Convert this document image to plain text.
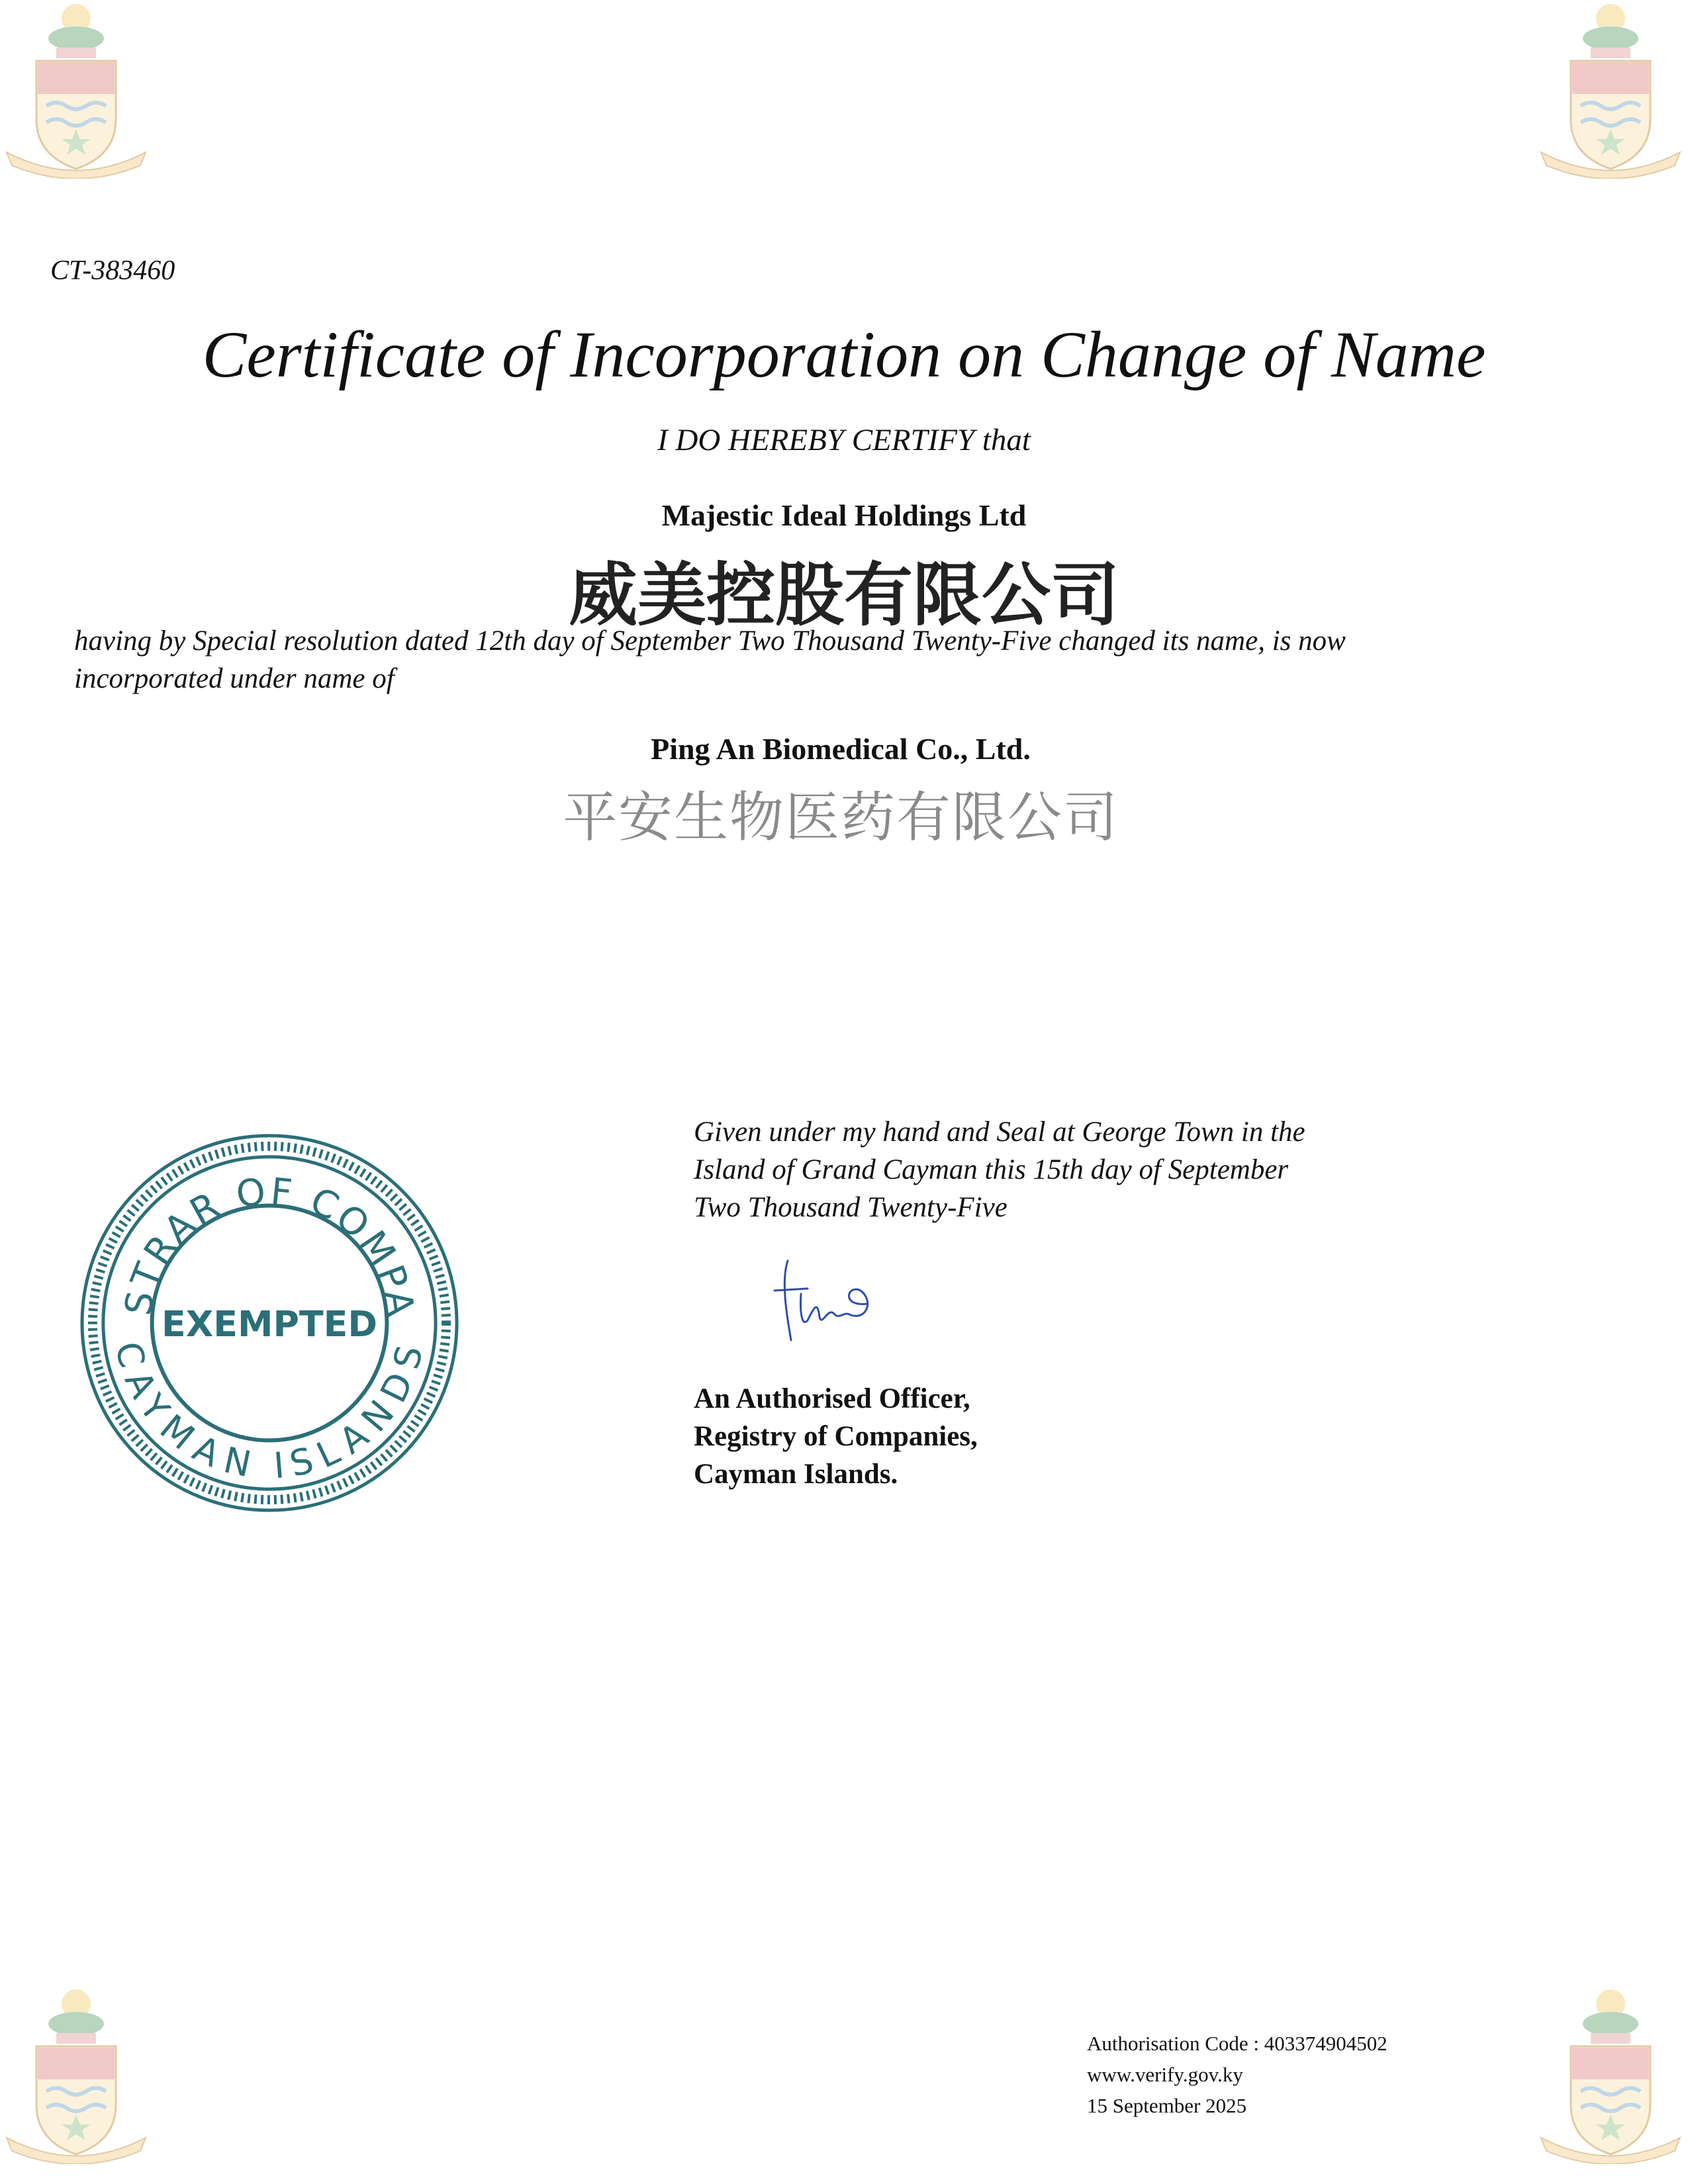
CT-383460
Certificate of Incorporation on Change of Name
I DO HEREBY CERTIFY that
Majestic Ideal Holdings Ltd
威美控股有限公司
having by Special resolution dated 12th day of September Two Thousand Twenty-Five changed its name, is now
incorporated under name of
Ping An Biomedical Co., Ltd.
平安生物医药有限公司
STRAR OF COMPA
CAYMAN ISLANDS
EXEMPTED
Given under my hand and Seal at George Town in the
Island of Grand Cayman this 15th day of September
Two Thousand Twenty-Five
An Authorised Officer,
Registry of Companies,
Cayman Islands.
Authorisation Code : 403374904502
www.verify.gov.ky
15 September 2025
